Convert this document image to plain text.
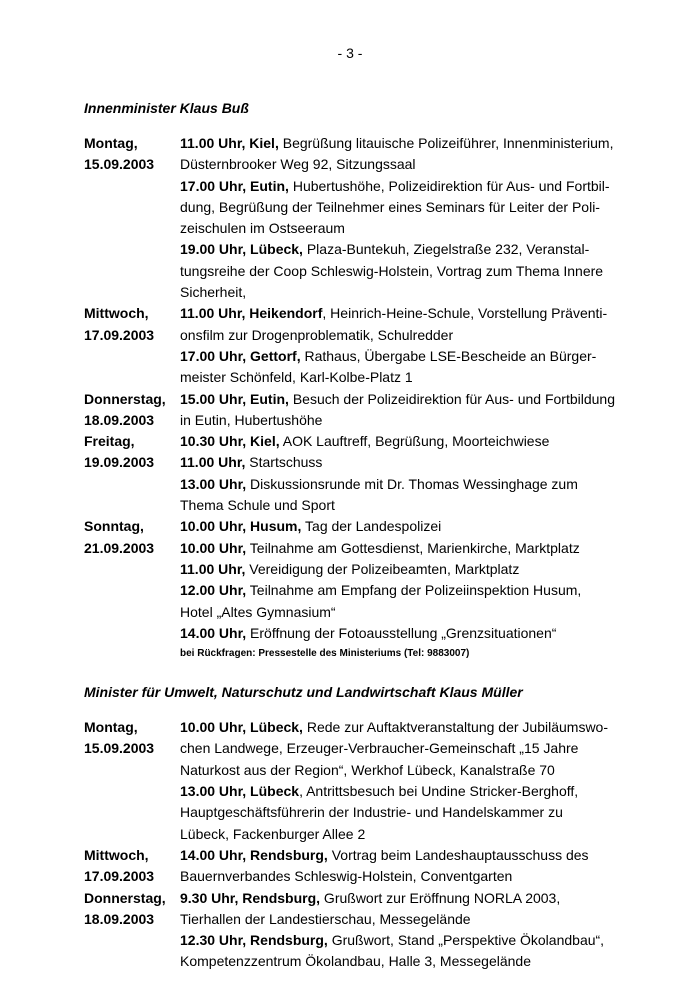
- 3 -
Innenminister Klaus Buß
Montag,
15.09.2003
11.00 Uhr, Kiel, Begrüßung litauische Polizeiführer, Innenministerium,
Düsternbrooker Weg 92, Sitzungssaal
17.00 Uhr, Eutin, Hubertushöhe, Polizeidirektion für Aus- und Fortbil-
dung, Begrüßung der Teilnehmer eines Seminars für Leiter der Poli-
zeischulen im Ostseeraum
19.00 Uhr, Lübeck, Plaza-Buntekuh, Ziegelstraße 232, Veranstal-
tungsreihe der Coop Schleswig-Holstein, Vortrag zum Thema Innere
Sicherheit,
Mittwoch,
17.09.2003
11.00 Uhr, Heikendorf, Heinrich-Heine-Schule, Vorstellung Präventi-
onsfilm zur Drogenproblematik, Schulredder
17.00 Uhr, Gettorf, Rathaus, Übergabe LSE-Bescheide an Bürger-
meister Schönfeld, Karl-Kolbe-Platz 1
Donnerstag,
18.09.2003
15.00 Uhr, Eutin, Besuch der Polizeidirektion für Aus- und Fortbildung
in Eutin, Hubertushöhe
Freitag,
19.09.2003
10.30 Uhr, Kiel, AOK Lauftreff, Begrüßung, Moorteichwiese
11.00 Uhr, Startschuss
13.00 Uhr, Diskussionsrunde mit Dr. Thomas Wessinghage zum
Thema Schule und Sport
Sonntag,
21.09.2003
10.00 Uhr, Husum, Tag der Landespolizei
10.00 Uhr, Teilnahme am Gottesdienst, Marienkirche, Marktplatz
11.00 Uhr, Vereidigung der Polizeibeamten, Marktplatz
12.00 Uhr, Teilnahme am Empfang der Polizeiinspektion Husum,
Hotel „Altes Gymnasium“
14.00 Uhr, Eröffnung der Fotoausstellung „Grenzsituationen“
bei Rückfragen: Pressestelle des Ministeriums (Tel: 9883007)
Minister für Umwelt, Naturschutz und Landwirtschaft Klaus Müller
Montag,
15.09.2003
10.00 Uhr, Lübeck, Rede zur Auftaktveranstaltung der Jubiläumswo-
chen Landwege, Erzeuger-Verbraucher-Gemeinschaft „15 Jahre
Naturkost aus der Region“, Werkhof Lübeck, Kanalstraße 70
13.00 Uhr, Lübeck, Antrittsbesuch bei Undine Stricker-Berghoff,
Hauptgeschäftsführerin der Industrie- und Handelskammer zu
Lübeck, Fackenburger Allee 2
Mittwoch,
17.09.2003
14.00 Uhr, Rendsburg, Vortrag beim Landeshauptausschuss des
Bauernverbandes Schleswig-Holstein, Conventgarten
Donnerstag,
18.09.2003
9.30 Uhr, Rendsburg, Grußwort zur Eröffnung NORLA 2003,
Tierhallen der Landestierschau, Messegelände
12.30 Uhr, Rendsburg, Grußwort, Stand „Perspektive Ökolandbau“,
Kompetenzzentrum Ökolandbau, Halle 3, Messegelände
